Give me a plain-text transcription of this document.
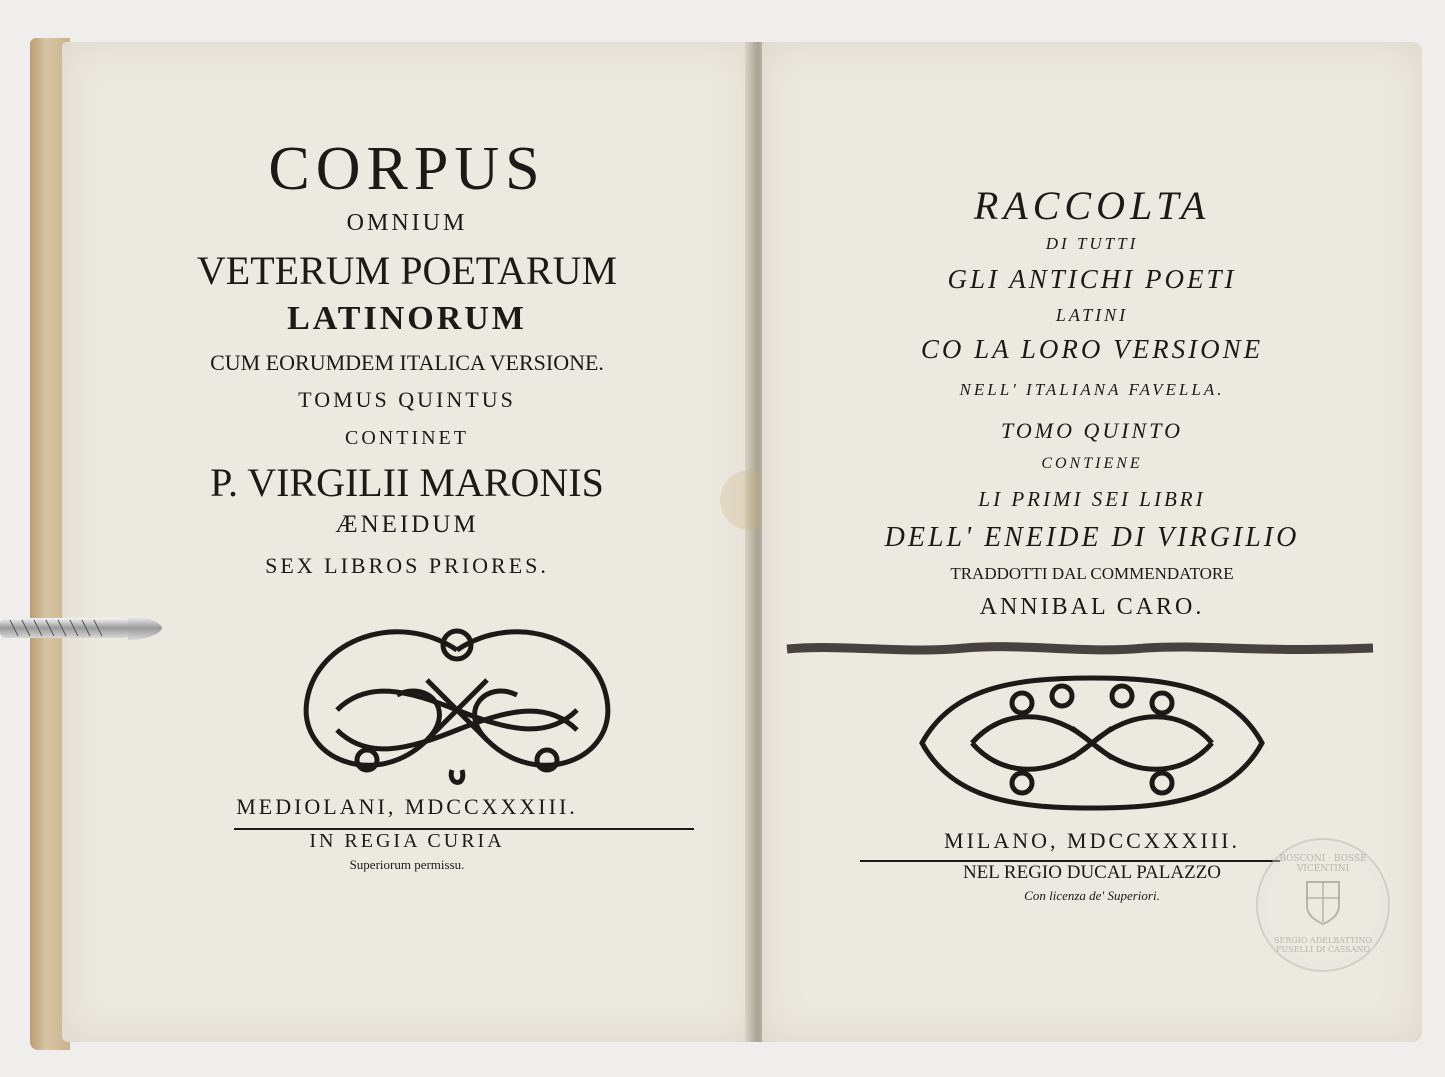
CORPUS

OMNIUM

VETERUM POETARUM

LATINORUM

CUM EORUMDEM ITALICA VERSIONE.

TOMUS QUINTUS

CONTINET

P. VIRGILII MARONIS

ÆNEIDUM

SEX LIBROS PRIORES.

MEDIOLANI, MDCCXXXIII.

IN REGIA CURIA

Superiorum permissu.

RACCOLTA

DI TUTTI

GLI ANTICHI POETI

LATINI

CO LA LORO VERSIONE

NELL' ITALIANA FAVELLA.

TOMO QUINTO

CONTIENE

LI PRIMI SEI LIBRI

DELL' ENEIDE DI VIRGILIO

TRADDOTTI DAL COMMENDATORE

ANNIBAL CARO.

MILANO, MDCCXXXIII.

NEL REGIO DUCAL PALAZZO

Con licenza de' Superiori.

BOSCONI · BOSSE VICENTINI
SERGIO ADELBATTINO FUSELLI DI CASSANO
